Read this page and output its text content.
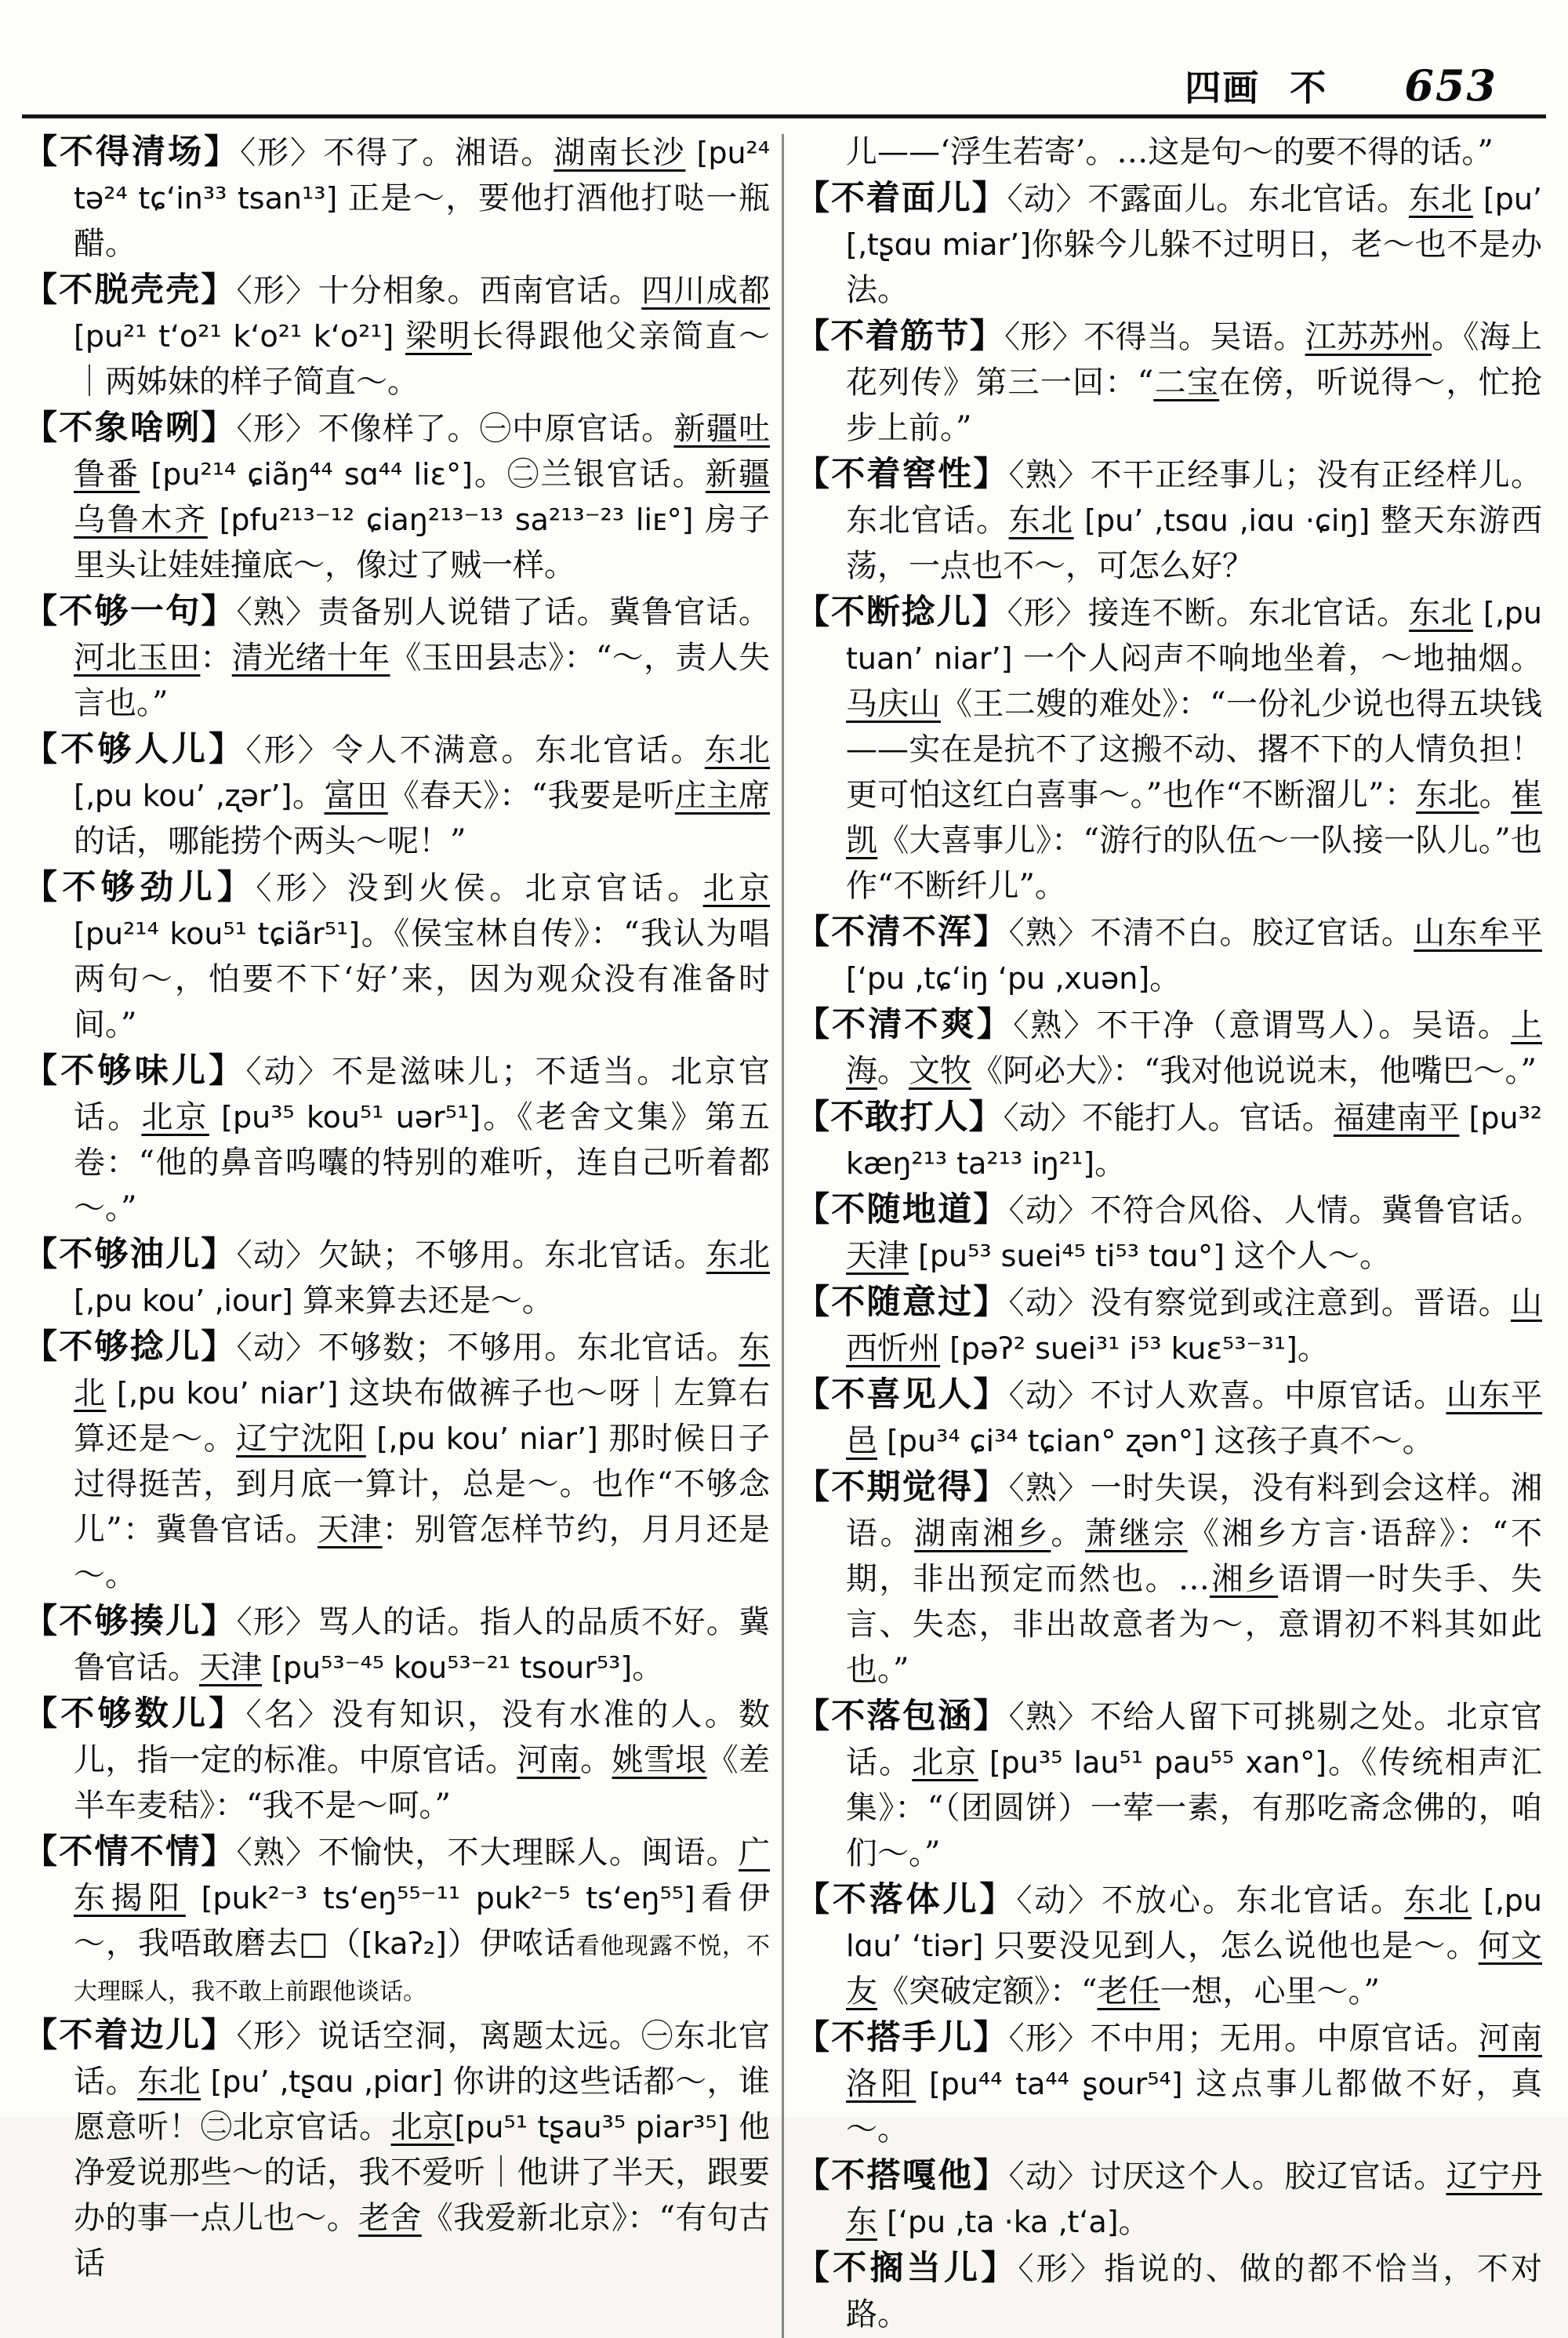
四画 不 653
【不得清场】〈形〉不得了。湘语。湖南长沙 [pu²⁴ tə²⁴ tɕ‘in³³ tsan¹³] 正是～，要他打酒他打哒一瓶醋。
【不脱壳壳】〈形〉十分相象。西南官话。四川成都 [pu²¹ t‘o²¹ k‘o²¹ k‘o²¹] 梁明长得跟他父亲简直～｜两姊妹的样子简直～。
【不象啥咧】〈形〉不像样了。㊀中原官话。新疆吐鲁番 [pu²¹⁴ ɕiãŋ⁴⁴ sɑ⁴⁴ liɛ°]。㊁兰银官话。新疆乌鲁木齐 [pfu²¹³⁻¹² ɕiaŋ²¹³⁻¹³ sa²¹³⁻²³ liᴇ°] 房子里头让娃娃撞底～，像过了贼一样。
【不够一句】〈熟〉责备别人说错了话。冀鲁官话。河北玉田：清光绪十年《玉田县志》：“～，责人失言也。”
【不够人儿】〈形〉令人不满意。东北官话。东北[‚pu kou’ ‚ʐər’]。富田《春天》：“我要是听庄主席的话，哪能捞个两头～呢！”
【不够劲儿】〈形〉没到火侯。北京官话。北京 [pu²¹⁴ kou⁵¹ tɕiãr⁵¹]。《侯宝林自传》：“我认为唱两句～，怕要不下‘好’来，因为观众没有准备时间。”
【不够味儿】〈动〉不是滋味儿；不适当。北京官话。北京 [pu³⁵ kou⁵¹ uər⁵¹]。《老舍文集》第五卷：“他的鼻音呜囔的特别的难听，连自己听着都～。”
【不够油儿】〈动〉欠缺；不够用。东北官话。东北 [‚pu kou’ ‚iour] 算来算去还是～。
【不够捻儿】〈动〉不够数；不够用。东北官话。东北 [‚pu kou’ niar’] 这块布做裤子也～呀｜左算右算还是～。辽宁沈阳 [‚pu kou’ niar’] 那时候日子过得挺苦，到月底一算计，总是～。也作“不够念儿”：冀鲁官话。天津：别管怎样节约，月月还是～。
【不够揍儿】〈形〉骂人的话。指人的品质不好。冀鲁官话。天津 [pu⁵³⁻⁴⁵ kou⁵³⁻²¹ tsour⁵³]。
【不够数儿】〈名〉没有知识，没有水准的人。数儿，指一定的标准。中原官话。河南。姚雪垠《差半车麦秸》：“我不是～呵。”
【不情不情】〈熟〉不愉快，不大理睬人。闽语。广东揭阳 [puk²⁻³ ts‘eŋ⁵⁵⁻¹¹ puk²⁻⁵ ts‘eŋ⁵⁵]看伊～，我唔敢磨去□（[kaʔ₂]）伊哝话看他现露不悦，不大理睬人，我不敢上前跟他谈话。
【不着边儿】〈形〉说话空洞，离题太远。㊀东北官话。东北 [pu’ ‚tʂɑu ‚piɑr] 你讲的这些话都～，谁愿意听！㊁北京官话。北京[pu⁵¹ tʂau³⁵ piar³⁵] 他净爱说那些～的话，我不爱听｜他讲了半天，跟要办的事一点儿也～。老舍《我爱新北京》：“有句古话
儿——‘浮生若寄’。…这是句～的要不得的话。”
【不着面儿】〈动〉不露面儿。东北官话。东北 [pu’ [‚tʂɑu miar’]你躲今儿躲不过明日，老～也不是办法。
【不着筋节】〈形〉不得当。吴语。江苏苏州。《海上花列传》第三一回：“二宝在傍，听说得～，忙抢步上前。”
【不着窖性】〈熟〉不干正经事儿；没有正经样儿。东北官话。东北 [pu’ ‚tsɑu ‚iɑu ·ɕiŋ] 整天东游西荡，一点也不～，可怎么好？
【不断捻儿】〈形〉接连不断。东北官话。东北 [‚pu tuan’ niar’] 一个人闷声不响地坐着，～地抽烟。马庆山《王二嫂的难处》：“一份礼少说也得五块钱——实在是抗不了这搬不动、撂不下的人情负担！更可怕这红白喜事～。”也作“不断溜儿”：东北。崔凯《大喜事儿》：“游行的队伍～一队接一队儿。”也作“不断纤儿”。
【不清不浑】〈熟〉不清不白。胶辽官话。山东牟平 [‘pu ‚tɕ‘iŋ ‘pu ‚xuən]。
【不清不爽】〈熟〉不干净（意谓骂人）。吴语。上海。文牧《阿必大》：“我对他说说末，他嘴巴～。”
【不敢打人】〈动〉不能打人。官话。福建南平 [pu³² kæŋ²¹³ ta²¹³ iŋ²¹]。
【不随地道】〈动〉不符合风俗、人情。冀鲁官话。天津 [pu⁵³ suei⁴⁵ ti⁵³ tɑu°] 这个人～。
【不随意过】〈动〉没有察觉到或注意到。晋语。山西忻州 [pəʔ² suei³¹ i⁵³ kuɛ⁵³⁻³¹]。
【不喜见人】〈动〉不讨人欢喜。中原官话。山东平邑 [pu³⁴ ɕi³⁴ tɕian° ʐən°] 这孩子真不～。
【不期觉得】〈熟〉一时失误，没有料到会这样。湘语。湖南湘乡。萧继宗《湘乡方言·语辞》：“不期，非出预定而然也。…湘乡语谓一时失手、失言、失态，非出故意者为～，意谓初不料其如此也。”
【不落包涵】〈熟〉不给人留下可挑剔之处。北京官话。北京 [pu³⁵ lau⁵¹ pau⁵⁵ xan°]。《传统相声汇集》：“（团圆饼）一荤一素，有那吃斋念佛的，咱们～。”
【不落体儿】〈动〉不放心。东北官话。东北 [‚pu lɑu’ ‘tiər] 只要没见到人，怎么说他也是～。何文友《突破定额》：“老任一想，心里～。”
【不搭手儿】〈形〉不中用；无用。中原官话。河南洛阳 [pu⁴⁴ ta⁴⁴ ʂour⁵⁴] 这点事儿都做不好，真～。
【不搭嘎他】〈动〉讨厌这个人。胶辽官话。辽宁丹东 [‘pu ‚ta ·ka ‚t‘a]。
【不搁当儿】〈形〉指说的、做的都不恰当，不对路。
